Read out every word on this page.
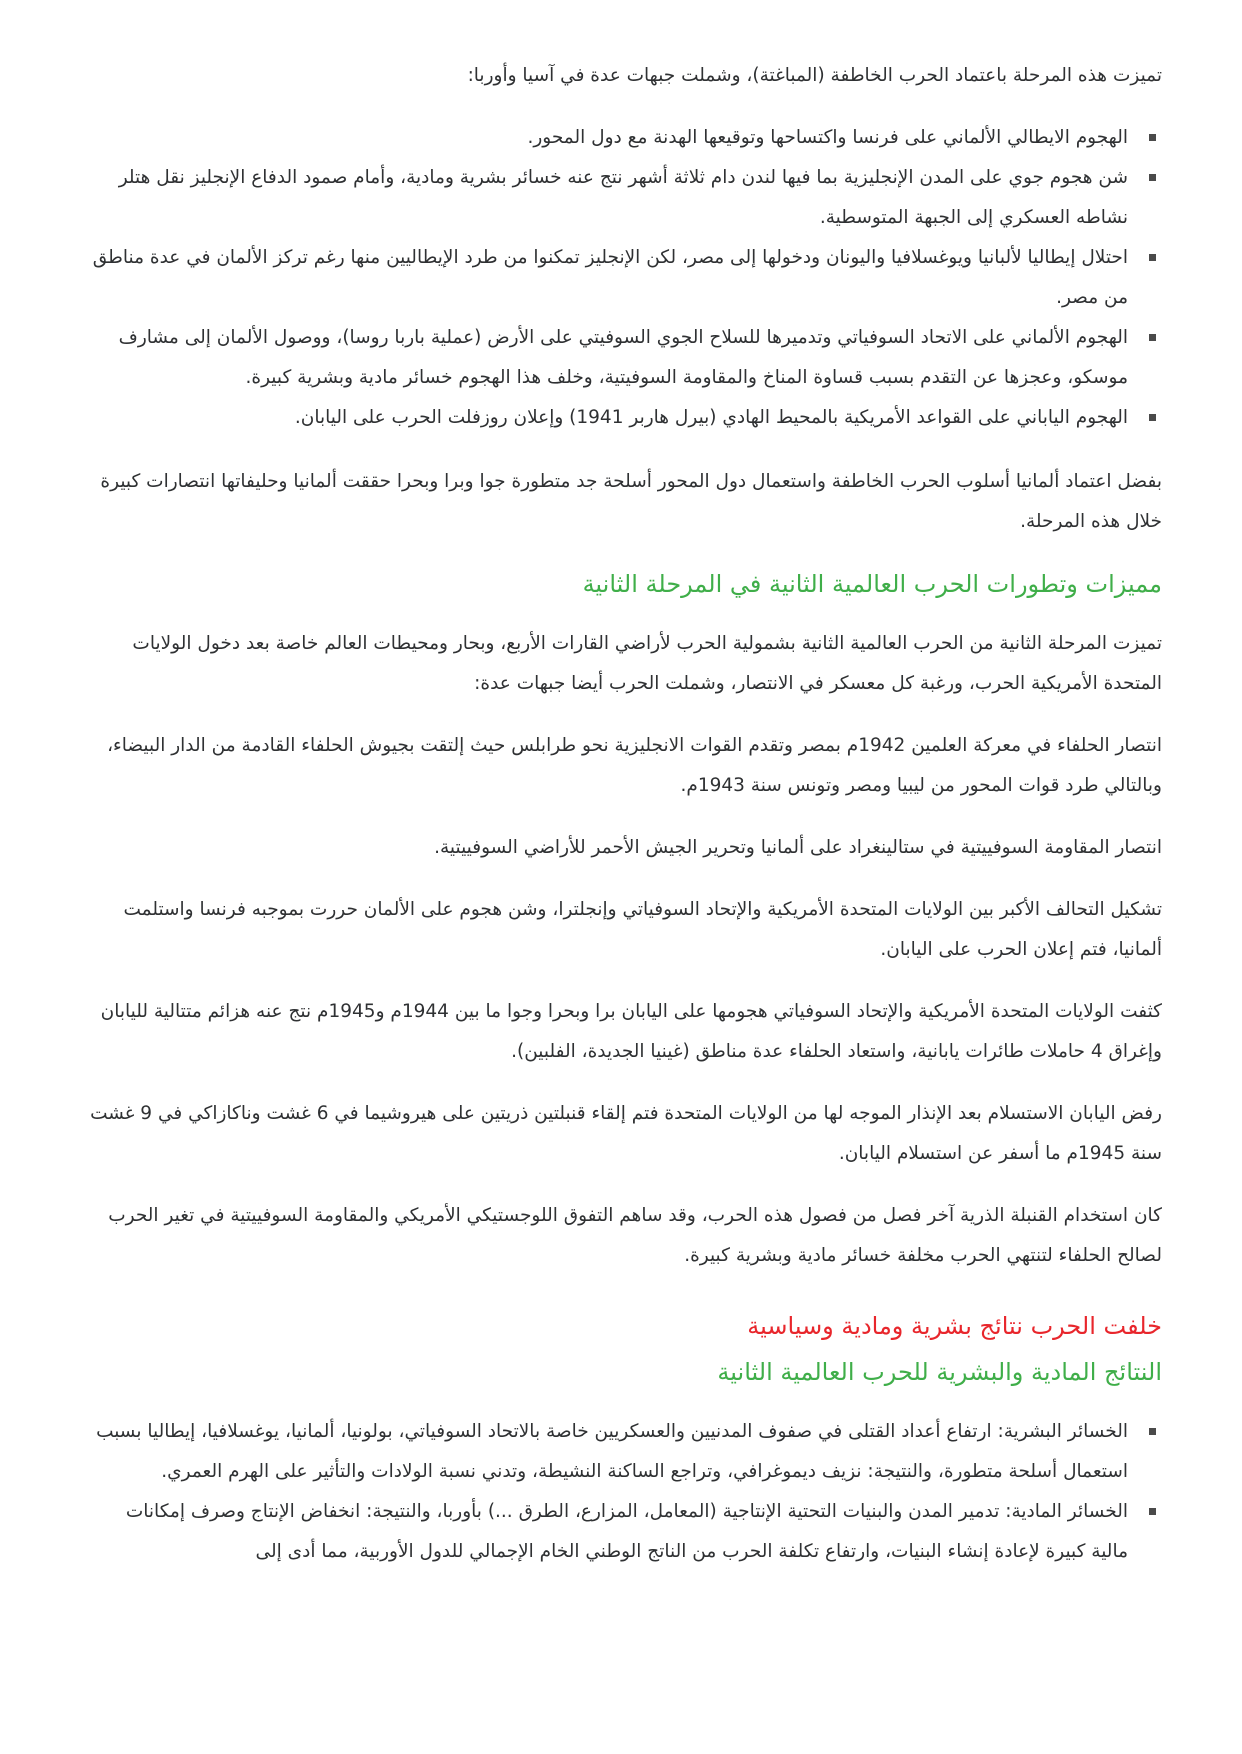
تميزت هذه المرحلة باعتماد الحرب الخاطفة (المباغتة)، وشملت جبهات عدة في آسيا وأوربا:

الهجوم الايطالي الألماني على فرنسا واكتساحها وتوقيعها الهدنة مع دول المحور.
شن هجوم جوي على المدن الإنجليزية بما فيها لندن دام ثلاثة أشهر نتج عنه خسائر بشرية ومادية، وأمام صمود الدفاع الإنجليز نقل هتلر نشاطه العسكري إلى الجبهة المتوسطية.
احتلال إيطاليا لألبانيا ويوغسلافيا واليونان ودخولها إلى مصر، لكن الإنجليز تمكنوا من طرد الإيطاليين منها رغم تركز الألمان في عدة مناطق من مصر.
الهجوم الألماني على الاتحاد السوفياتي وتدميرها للسلاح الجوي السوفيتي على الأرض (عملية باربا روسا)، ووصول الألمان إلى مشارف موسكو، وعجزها عن التقدم بسبب قساوة المناخ والمقاومة السوفيتية، وخلف هذا الهجوم خسائر مادية وبشرية كبيرة.
الهجوم الياباني على القواعد الأمريكية بالمحيط الهادي (بيرل هاربر 1941) وإعلان روزفلت الحرب على اليابان.

بفضل اعتماد ألمانيا أسلوب الحرب الخاطفة واستعمال دول المحور أسلحة جد متطورة جوا وبرا وبحرا حققت ألمانيا وحليفاتها انتصارات كبيرة خلال هذه المرحلة.

مميزات وتطورات الحرب العالمية الثانية في المرحلة الثانية

تميزت المرحلة الثانية من الحرب العالمية الثانية بشمولية الحرب لأراضي القارات الأربع، وبحار ومحيطات العالم خاصة بعد دخول الولايات المتحدة الأمريكية الحرب، ورغبة كل معسكر في الانتصار، وشملت الحرب أيضا جبهات عدة:

انتصار الحلفاء في معركة العلمين 1942م بمصر وتقدم القوات الانجليزية نحو طرابلس حيث إلتقت بجيوش الحلفاء القادمة من الدار البيضاء، وبالتالي طرد قوات المحور من ليبيا ومصر وتونس سنة 1943م.

انتصار المقاومة السوفييتية في ستالينغراد على ألمانيا وتحرير الجيش الأحمر للأراضي السوفييتية.

تشكيل التحالف الأكبر بين الولايات المتحدة الأمريكية والإتحاد السوفياتي وإنجلترا، وشن هجوم على الألمان حررت بموجبه فرنسا واستلمت ألمانيا، فتم إعلان الحرب على اليابان.

كثفت الولايات المتحدة الأمريكية والإتحاد السوفياتي هجومها على اليابان برا وبحرا وجوا ما بين 1944م و1945م نتج عنه هزائم متتالية لليابان وإغراق 4 حاملات طائرات يابانية، واستعاد الحلفاء عدة مناطق (غينيا الجديدة، الفلبين).

رفض اليابان الاستسلام بعد الإنذار الموجه لها من الولايات المتحدة فتم إلقاء قنبلتين ذريتين على هيروشيما في 6 غشت وناكازاكي في 9 غشت سنة 1945م ما أسفر عن استسلام اليابان.

كان استخدام القنبلة الذرية آخر فصل من فصول هذه الحرب، وقد ساهم التفوق اللوجستيكي الأمريكي والمقاومة السوفييتية في تغير الحرب لصالح الحلفاء لتنتهي الحرب مخلفة خسائر مادية وبشرية كبيرة.

خلفت الحرب نتائج بشرية ومادية وسياسية
النتائج المادية والبشرية للحرب العالمية الثانية
الخسائر البشرية: ارتفاع أعداد القتلى في صفوف المدنيين والعسكريين خاصة بالاتحاد السوفياتي، بولونيا، ألمانيا، يوغسلافيا، إيطاليا بسبب استعمال أسلحة متطورة، والنتيجة: نزيف ديموغرافي، وتراجع الساكنة النشيطة، وتدني نسبة الولادات والتأثير على الهرم العمري.
الخسائر المادية: تدمير المدن والبنيات التحتية الإنتاجية (المعامل، المزارع، الطرق ...) بأوربا، والنتيجة: انخفاض الإنتاج وصرف إمكانات مالية كبيرة لإعادة إنشاء البنيات، وارتفاع تكلفة الحرب من الناتج الوطني الخام الإجمالي للدول الأوربية، مما أدى إلى
